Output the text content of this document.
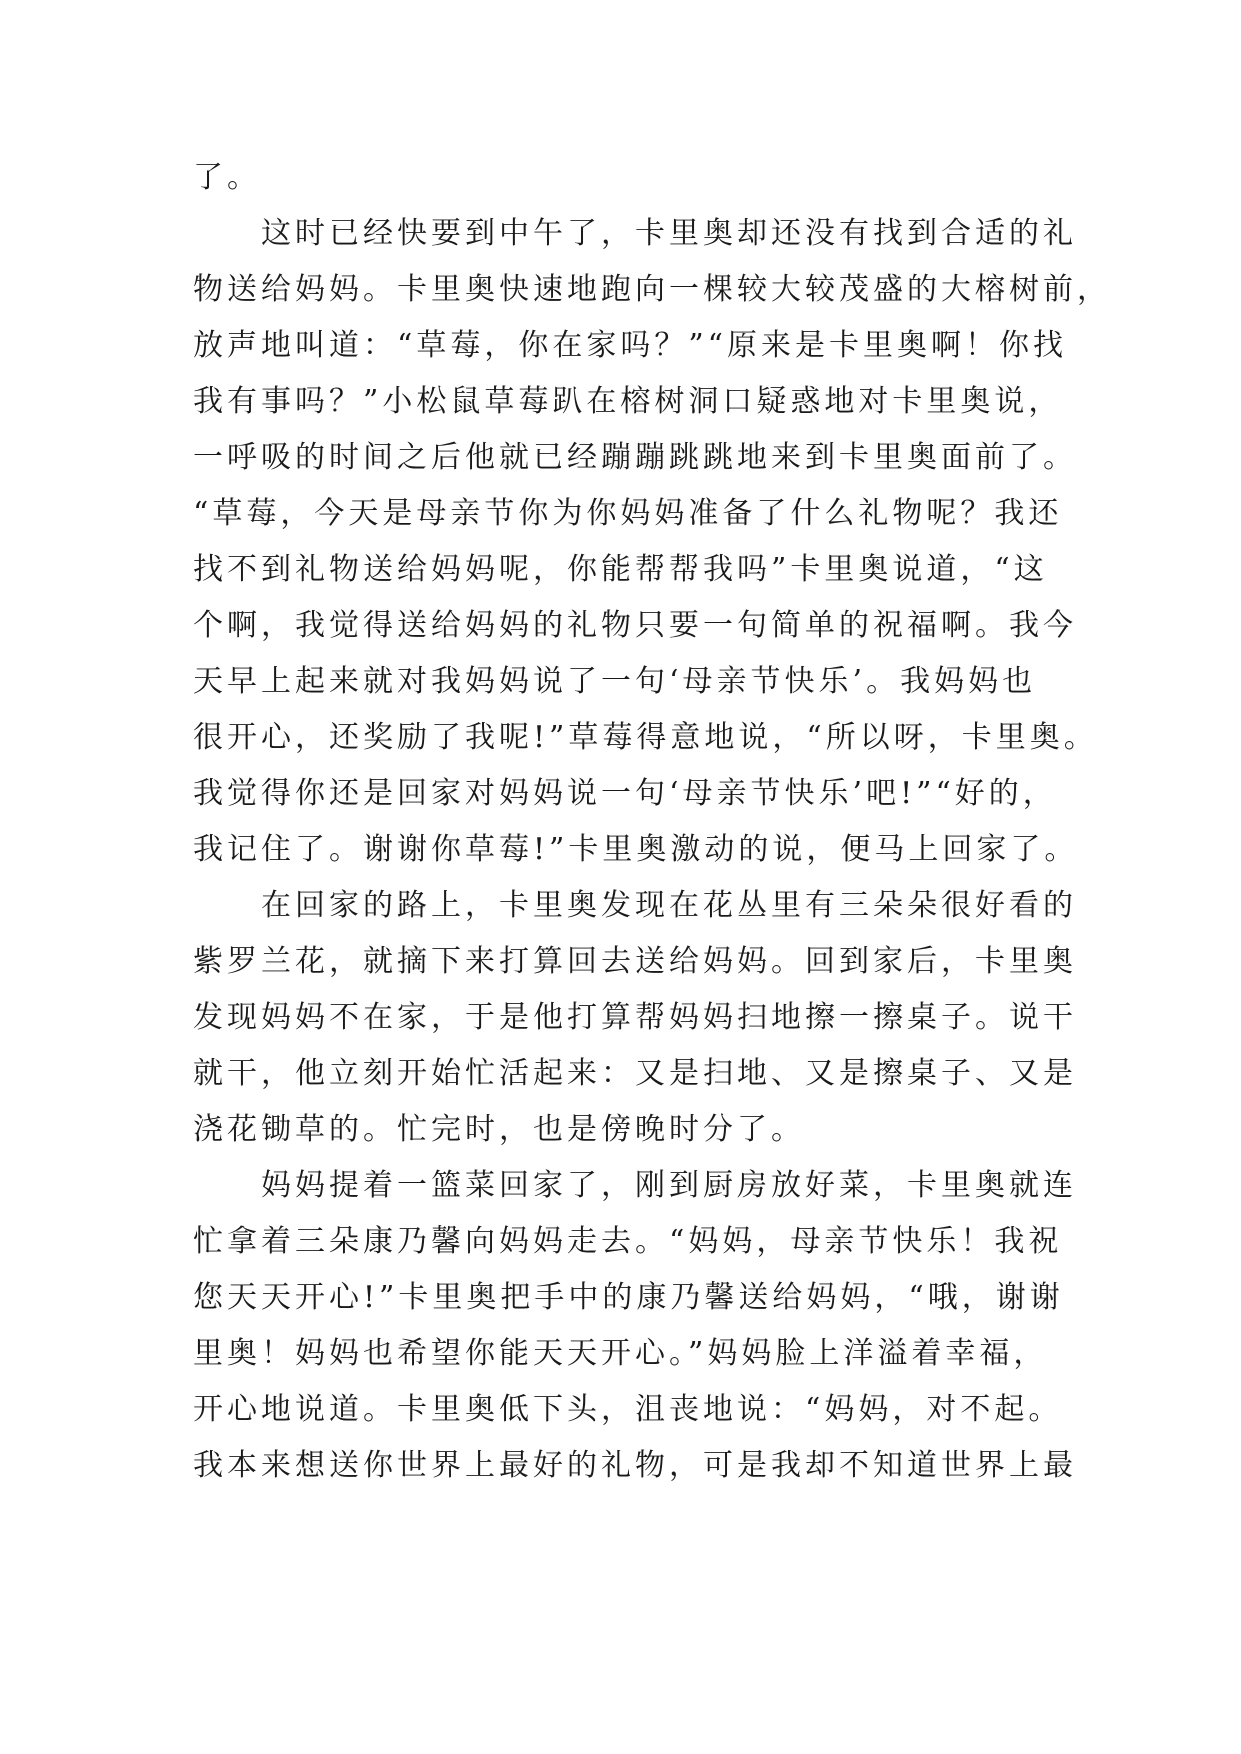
了。
　　这时已经快要到中午了，卡里奥却还没有找到合适的礼
物送给妈妈。卡里奥快速地跑向一棵较大较茂盛的大榕树前，
放声地叫道：“草莓，你在家吗？”“原来是卡里奥啊！你找
我有事吗？”小松鼠草莓趴在榕树洞口疑惑地对卡里奥说，
一呼吸的时间之后他就已经蹦蹦跳跳地来到卡里奥面前了。
“草莓，今天是母亲节你为你妈妈准备了什么礼物呢？我还
找不到礼物送给妈妈呢，你能帮帮我吗”卡里奥说道，“这
个啊，我觉得送给妈妈的礼物只要一句简单的祝福啊。我今
天早上起来就对我妈妈说了一句‘母亲节快乐’。我妈妈也
很开心，还奖励了我呢!”草莓得意地说，“所以呀，卡里奥。
我觉得你还是回家对妈妈说一句‘母亲节快乐’吧!”“好的，
我记住了。谢谢你草莓!”卡里奥激动的说，便马上回家了。
　　在回家的路上，卡里奥发现在花丛里有三朵朵很好看的
紫罗兰花，就摘下来打算回去送给妈妈。回到家后，卡里奥
发现妈妈不在家，于是他打算帮妈妈扫地擦一擦桌子。说干
就干，他立刻开始忙活起来：又是扫地、又是擦桌子、又是
浇花锄草的。忙完时，也是傍晚时分了。
　　妈妈提着一篮菜回家了，刚到厨房放好菜，卡里奥就连
忙拿着三朵康乃馨向妈妈走去。“妈妈，母亲节快乐！我祝
您天天开心!”卡里奥把手中的康乃馨送给妈妈，“哦，谢谢
里奥！妈妈也希望你能天天开心。”妈妈脸上洋溢着幸福，
开心地说道。卡里奥低下头，沮丧地说：“妈妈，对不起。
我本来想送你世界上最好的礼物，可是我却不知道世界上最
